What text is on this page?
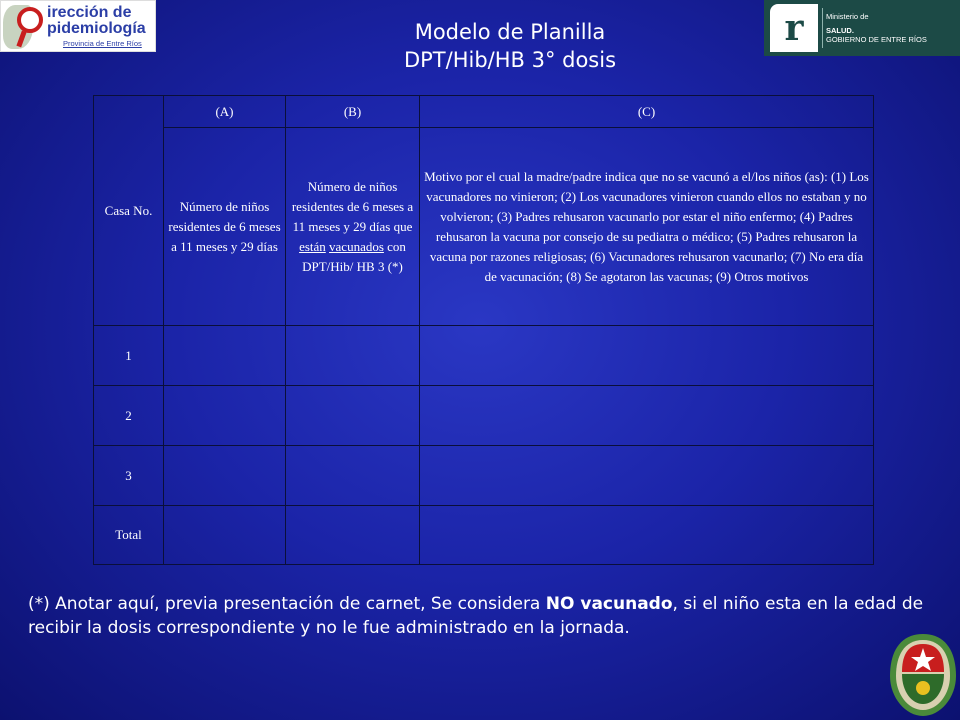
irección de
pidemiología
Provincia de Entre Ríos	r	Ministerio de
SALUD.
GOBIERNO DE ENTRE RÍOS
Modelo de Planilla
DPT/Hib/HB 3° dosis
Casa No.	(A)	(B)	(C)
	Número de niños residentes de 6 meses a 11 meses y 29 días	Número de niños residentes de 6 meses a 11 meses y 29 días que están vacunados con DPT/Hib/ HB 3 (*)	Motivo por el cual la madre/padre indica que no se vacunó a el/los niños (as): (1) Los vacunadores no vinieron; (2) Los vacunadores vinieron cuando ellos no estaban y no volvieron; (3) Padres rehusaron vacunarlo por estar el niño enfermo; (4) Padres rehusaron la vacuna por consejo de su pediatra o médico; (5) Padres rehusaron la vacuna por razones religiosas; (6) Vacunadores rehusaron vacunarlo; (7) No era día de vacunación; (8) Se agotaron las vacunas; (9) Otros motivos
1			
2			
3			
Total			
(*) Anotar aquí, previa presentación de carnet, Se considera NO vacunado, si el niño esta en la edad de recibir la dosis correspondiente y no le fue administrado en la jornada.
